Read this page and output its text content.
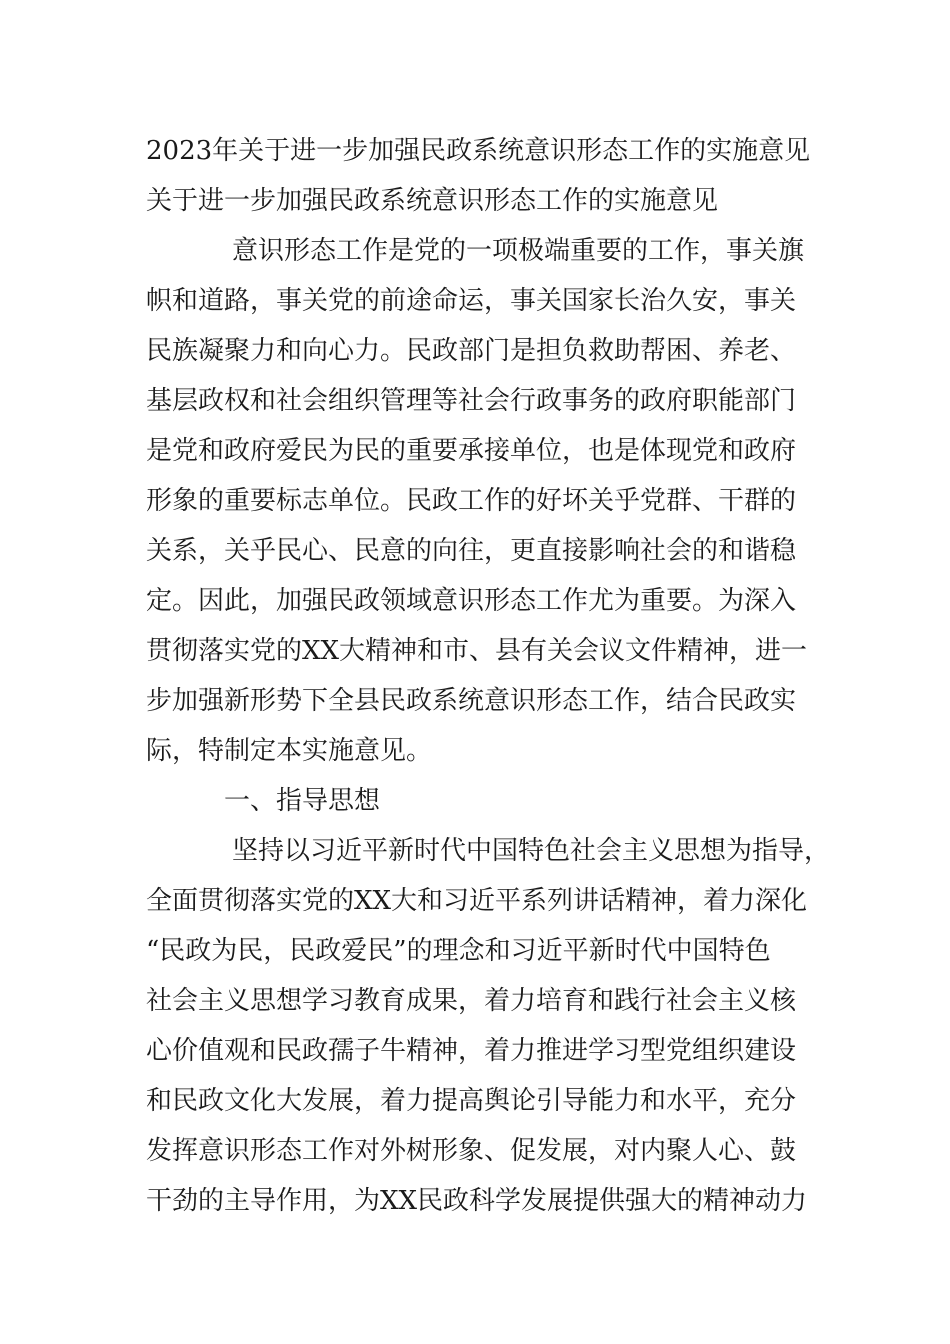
2023年关于进一步加强民政系统意识形态工作的实施意见
关于进一步加强民政系统意识形态工作的实施意见
意识形态工作是党的一项极端重要的工作，事关旗
帜和道路，事关党的前途命运，事关国家长治久安，事关
民族凝聚力和向心力。民政部门是担负救助帮困、养老、
基层政权和社会组织管理等社会行政事务的政府职能部门
是党和政府爱民为民的重要承接单位，也是体现党和政府
形象的重要标志单位。民政工作的好坏关乎党群、干群的
关系，关乎民心、民意的向往，更直接影响社会的和谐稳
定。因此，加强民政领域意识形态工作尤为重要。为深入
贯彻落实党的XX大精神和市、县有关会议文件精神，进一
步加强新形势下全县民政系统意识形态工作，结合民政实
际，特制定本实施意见。
一、指导思想
坚持以习近平新时代中国特色社会主义思想为指导，
全面贯彻落实党的XX大和习近平系列讲话精神，着力深化
“民政为民，民政爱民”的理念和习近平新时代中国特色
社会主义思想学习教育成果，着力培育和践行社会主义核
心价值观和民政孺子牛精神，着力推进学习型党组织建设
和民政文化大发展，着力提高舆论引导能力和水平，充分
发挥意识形态工作对外树形象、促发展，对内聚人心、鼓
干劲的主导作用，为XX民政科学发展提供强大的精神动力
